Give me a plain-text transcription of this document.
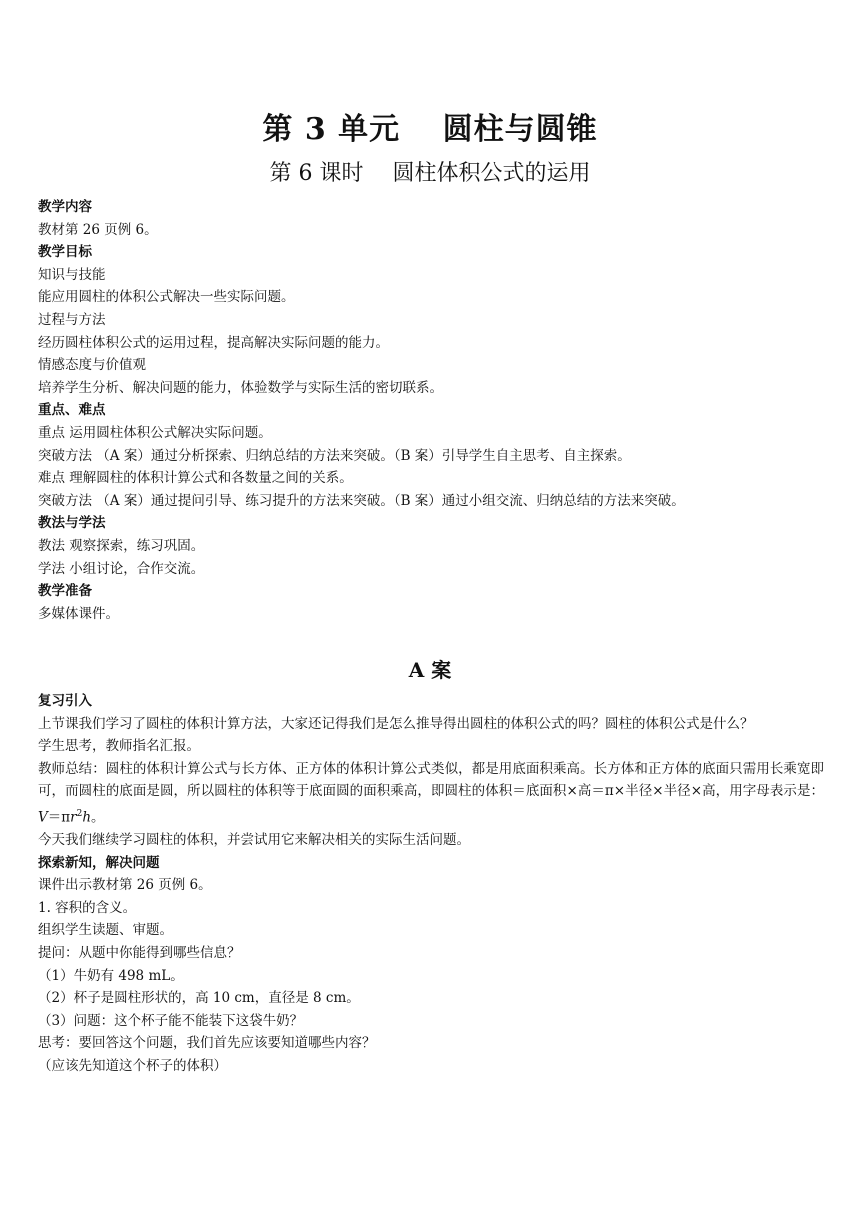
第 3 单元　 圆柱与圆锥
第 6 课时　 圆柱体积公式的运用
教学内容
教材第 26 页例 6。
教学目标
知识与技能
能应用圆柱的体积公式解决一些实际问题。
过程与方法
经历圆柱体积公式的运用过程，提高解决实际问题的能力。
情感态度与价值观
培养学生分析、解决问题的能力，体验数学与实际生活的密切联系。
重点、难点
重点 运用圆柱体积公式解决实际问题。
突破方法 （A 案）通过分析探索、归纳总结的方法来突破。（B 案）引导学生自主思考、自主探索。
难点 理解圆柱的体积计算公式和各数量之间的关系。
突破方法 （A 案）通过提问引导、练习提升的方法来突破。（B 案）通过小组交流、归纳总结的方法来突破。
教法与学法
教法 观察探索，练习巩固。
学法 小组讨论，合作交流。
教学准备
多媒体课件。
A 案
复习引入
上节课我们学习了圆柱的体积计算方法，大家还记得我们是怎么推导得出圆柱的体积公式的吗？圆柱的体积公式是什么？
学生思考，教师指名汇报。
教师总结：圆柱的体积计算公式与长方体、正方体的体积计算公式类似，都是用底面积乘高。长方体和正方体的底面只需用长乘宽即可，而圆柱的底面是圆，所以圆柱的体积等于底面圆的面积乘高，即圆柱的体积＝底面积×高＝π×半径×半径×高，用字母表示是：$V=\pi r^2h$。
今天我们继续学习圆柱的体积，并尝试用它来解决相关的实际生活问题。
探索新知，解决问题
课件出示教材第 26 页例 6。
1. 容积的含义。
组织学生读题、审题。
提问：从题中你能得到哪些信息？
（1）牛奶有 498 mL。
（2）杯子是圆柱形状的，高 10 cm，直径是 8 cm。
（3）问题：这个杯子能不能装下这袋牛奶？
思考：要回答这个问题，我们首先应该要知道哪些内容？
（应该先知道这个杯子的体积）
